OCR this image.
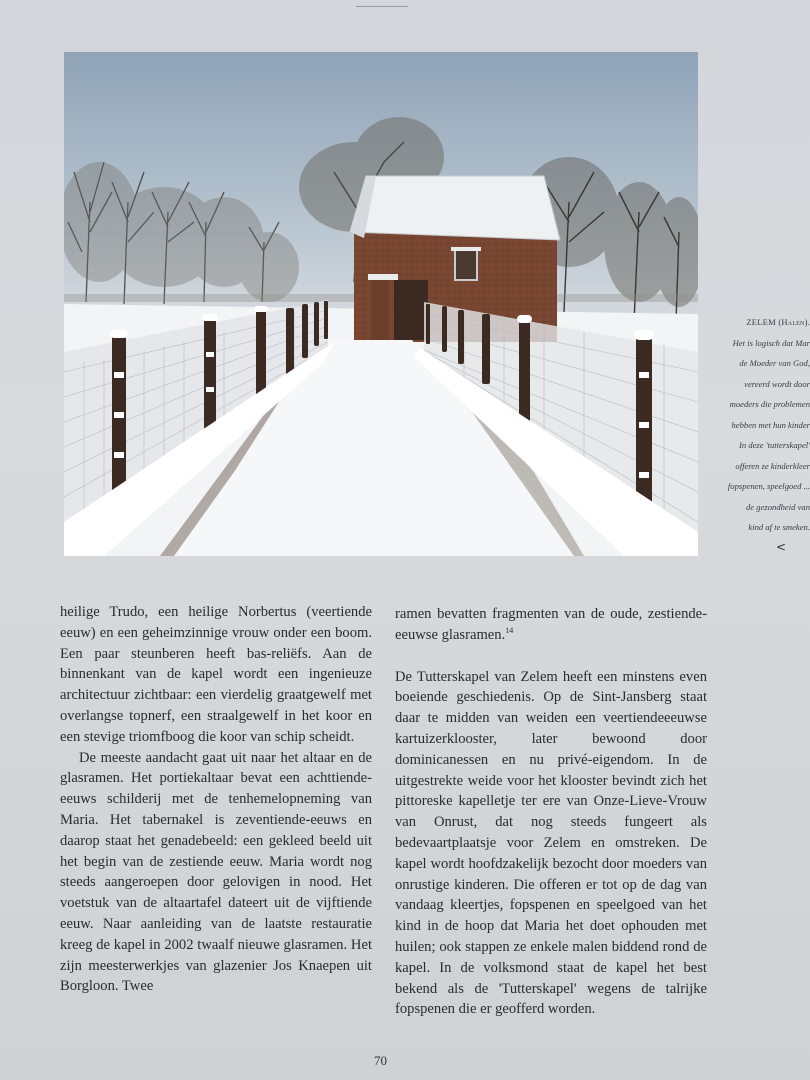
ZELEM (Halen).
Het is logisch dat Mar
de Moeder van God,
vereerd wordt door
moeders die problemen
hebben met hun kinder
In deze 'tutterskapel'
offeren ze kinderkleer
fopspenen, speelgoed ...
de gezondheid van
kind af te smeken.
<

heilige Trudo, een heilige Norbertus (veertiende eeuw) en een geheimzinnige vrouw onder een boom. Een paar steunberen heeft bas-reliëfs. Aan de binnenkant van de kapel wordt een ingenieuze architectuur zichtbaar: een vierdelig graatgewelf met overlangse topnerf, een straalgewelf in het koor en een stevige triomfboog die koor van schip scheidt.

De meeste aandacht gaat uit naar het altaar en de glasramen. Het portiekaltaar bevat een achttiende-eeuws schilderij met de tenhemelopneming van Maria. Het tabernakel is zeventiende-eeuws en daarop staat het genadebeeld: een gekleed beeld uit het begin van de zestiende eeuw. Maria wordt nog steeds aangeroepen door gelovigen in nood. Het voetstuk van de altaartafel dateert uit de vijftiende eeuw. Naar aanleiding van de laatste restauratie kreeg de kapel in 2002 twaalf nieuwe glasramen. Het zijn meesterwerkjes van glazenier Jos Knaepen uit Borgloon. Twee

ramen bevatten fragmenten van de oude, zestiende-eeuwse glasramen.$^{14}$

De Tutterskapel van Zelem heeft een minstens even boeiende geschiedenis. Op de Sint-Jansberg staat daar te midden van weiden een veertiendeeeuwse kartuizerklooster, later bewoond door dominicanessen en nu privé-eigendom. In de uitgestrekte weide voor het klooster bevindt zich het pittoreske kapelletje ter ere van Onze-Lieve-Vrouw van Onrust, dat nog steeds fungeert als bedevaartplaatsje voor Zelem en omstreken. De kapel wordt hoofdzakelijk bezocht door moeders van onrustige kinderen. Die offeren er tot op de dag van vandaag kleertjes, fopspenen en speelgoed van het kind in de hoop dat Maria het doet ophouden met huilen; ook stappen ze enkele malen biddend rond de kapel. In de volksmond staat de kapel het best bekend als de 'Tutterskapel' wegens de talrijke fopspenen die er geofferd worden.

70
